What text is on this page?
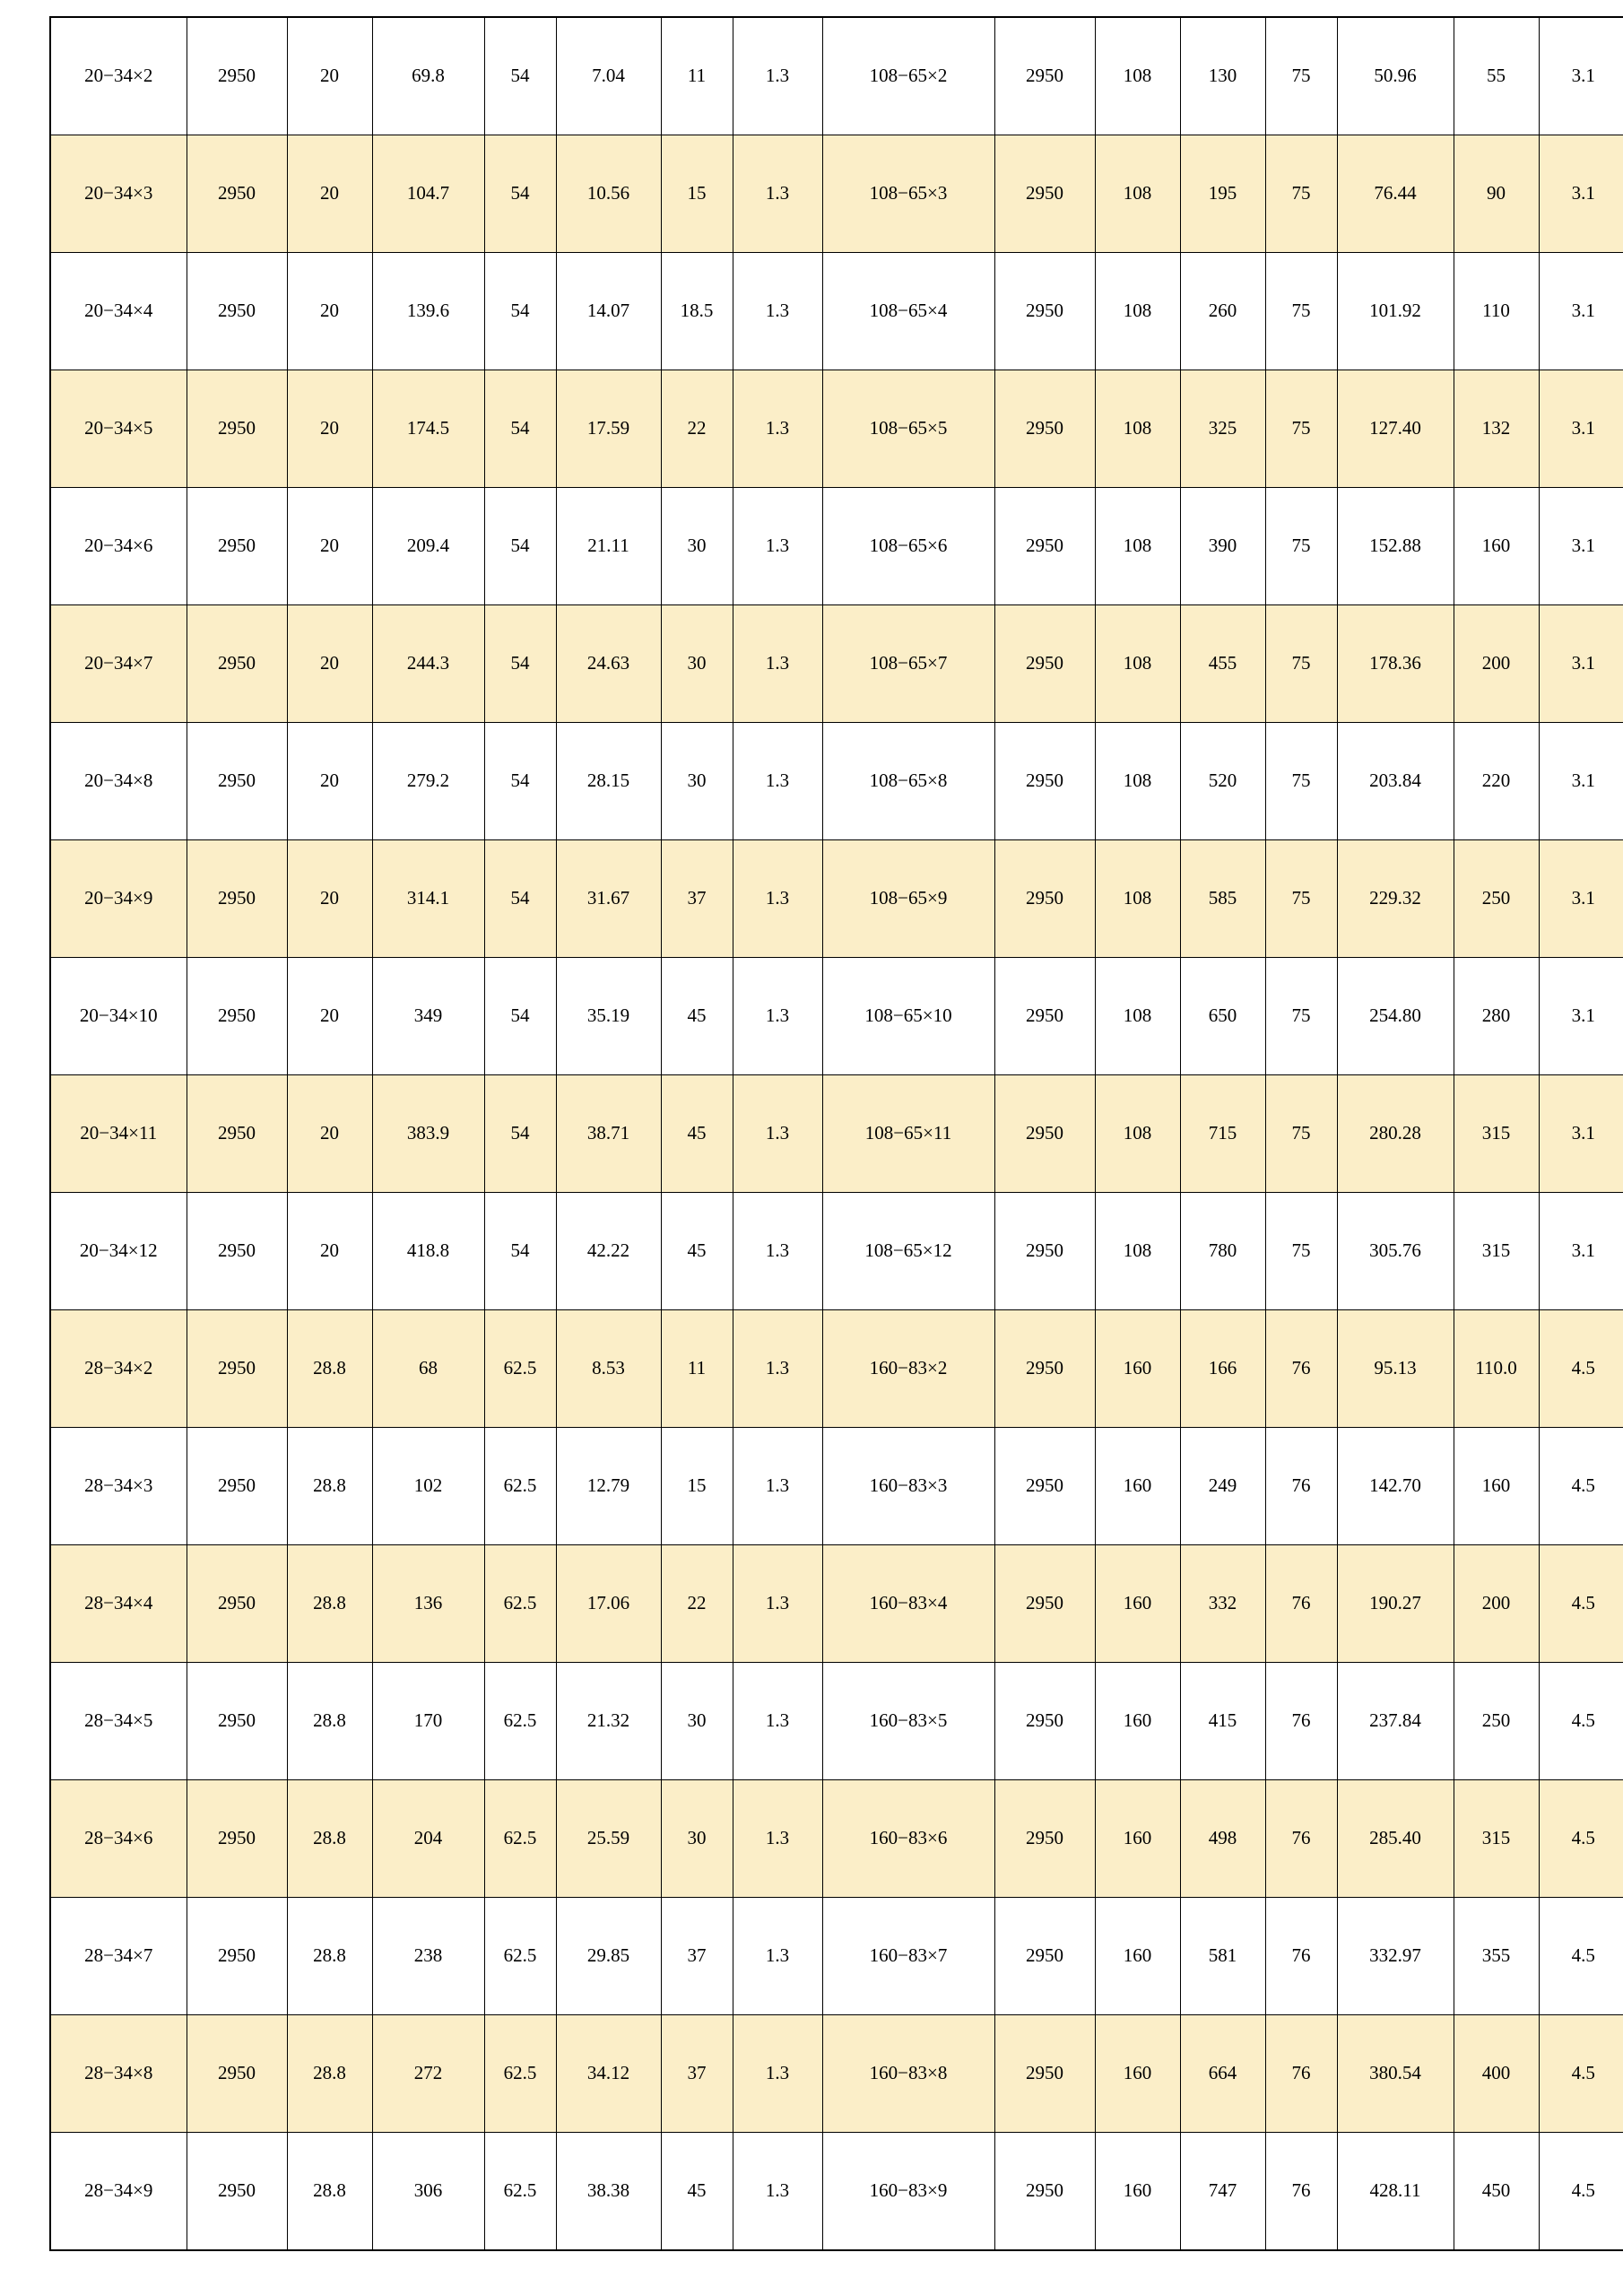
20−34×2	2950	20	69.8	54	7.04	11	1.3	108−65×2	2950	108	130	75	50.96	55	3.1
20−34×3	2950	20	104.7	54	10.56	15	1.3	108−65×3	2950	108	195	75	76.44	90	3.1
20−34×4	2950	20	139.6	54	14.07	18.5	1.3	108−65×4	2950	108	260	75	101.92	110	3.1
20−34×5	2950	20	174.5	54	17.59	22	1.3	108−65×5	2950	108	325	75	127.40	132	3.1
20−34×6	2950	20	209.4	54	21.11	30	1.3	108−65×6	2950	108	390	75	152.88	160	3.1
20−34×7	2950	20	244.3	54	24.63	30	1.3	108−65×7	2950	108	455	75	178.36	200	3.1
20−34×8	2950	20	279.2	54	28.15	30	1.3	108−65×8	2950	108	520	75	203.84	220	3.1
20−34×9	2950	20	314.1	54	31.67	37	1.3	108−65×9	2950	108	585	75	229.32	250	3.1
20−34×10	2950	20	349	54	35.19	45	1.3	108−65×10	2950	108	650	75	254.80	280	3.1
20−34×11	2950	20	383.9	54	38.71	45	1.3	108−65×11	2950	108	715	75	280.28	315	3.1
20−34×12	2950	20	418.8	54	42.22	45	1.3	108−65×12	2950	108	780	75	305.76	315	3.1
28−34×2	2950	28.8	68	62.5	8.53	11	1.3	160−83×2	2950	160	166	76	95.13	110.0	4.5
28−34×3	2950	28.8	102	62.5	12.79	15	1.3	160−83×3	2950	160	249	76	142.70	160	4.5
28−34×4	2950	28.8	136	62.5	17.06	22	1.3	160−83×4	2950	160	332	76	190.27	200	4.5
28−34×5	2950	28.8	170	62.5	21.32	30	1.3	160−83×5	2950	160	415	76	237.84	250	4.5
28−34×6	2950	28.8	204	62.5	25.59	30	1.3	160−83×6	2950	160	498	76	285.40	315	4.5
28−34×7	2950	28.8	238	62.5	29.85	37	1.3	160−83×7	2950	160	581	76	332.97	355	4.5
28−34×8	2950	28.8	272	62.5	34.12	37	1.3	160−83×8	2950	160	664	76	380.54	400	4.5
28−34×9	2950	28.8	306	62.5	38.38	45	1.3	160−83×9	2950	160	747	76	428.11	450	4.5
